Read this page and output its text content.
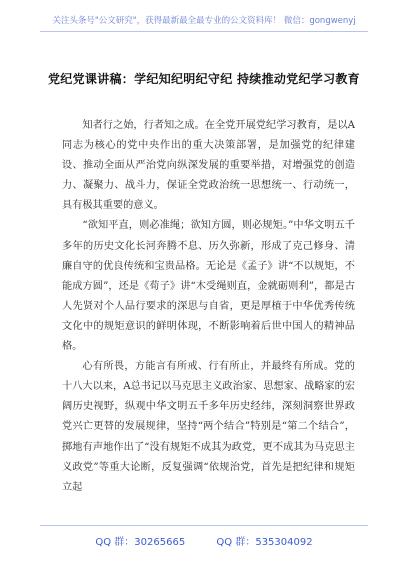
关注头条号"公文研究"，获得最新最全最专业的公文资料库！ 微信：gongwenyj
党纪党课讲稿：学纪知纪明纪守纪 持续推动党纪学习教育

知者行之始，行者知之成。在全党开展党纪学习教育，是以A同志为核心的党中央作出的重大决策部署，是加强党的纪律建设、推动全面从严治党向纵深发展的重要举措，对增强党的创造力、凝聚力、战斗力，保证全党政治统一思想统一、行动统一，具有极其重要的意义。

“欲知平直，则必准绳；欲知方圆，则必规矩。”中华文明五千多年的历史文化长河奔腾不息、历久弥新，形成了克己修身、清廉自守的优良传统和宝贵品格。无论是《孟子》讲“不以规矩，不能成方圆”，还是《荀子》讲“木受绳则直，金就砺则利”，都是古人先贤对个人品行要求的深思与自省，更是厚植于中华优秀传统文化中的规矩意识的鲜明体现，不断影响着后世中国人的精神品格。

心有所畏，方能言有所戒、行有所止，并最终有所成。党的十八大以来，A总书记以马克思主义政治家、思想家、战略家的宏阔历史视野，纵观中华文明五千多年历史经纬，深刻洞察世界政党兴亡更替的发展规律，坚持“两个结合”特别是“第二个结合”，掷地有声地作出了“没有规矩不成其为政党，更不成其为马克思主义政党”等重大论断，反复强调“依规治党，首先是把纪律和规矩立起

QQ 群：30265665	QQ 群：535304092
